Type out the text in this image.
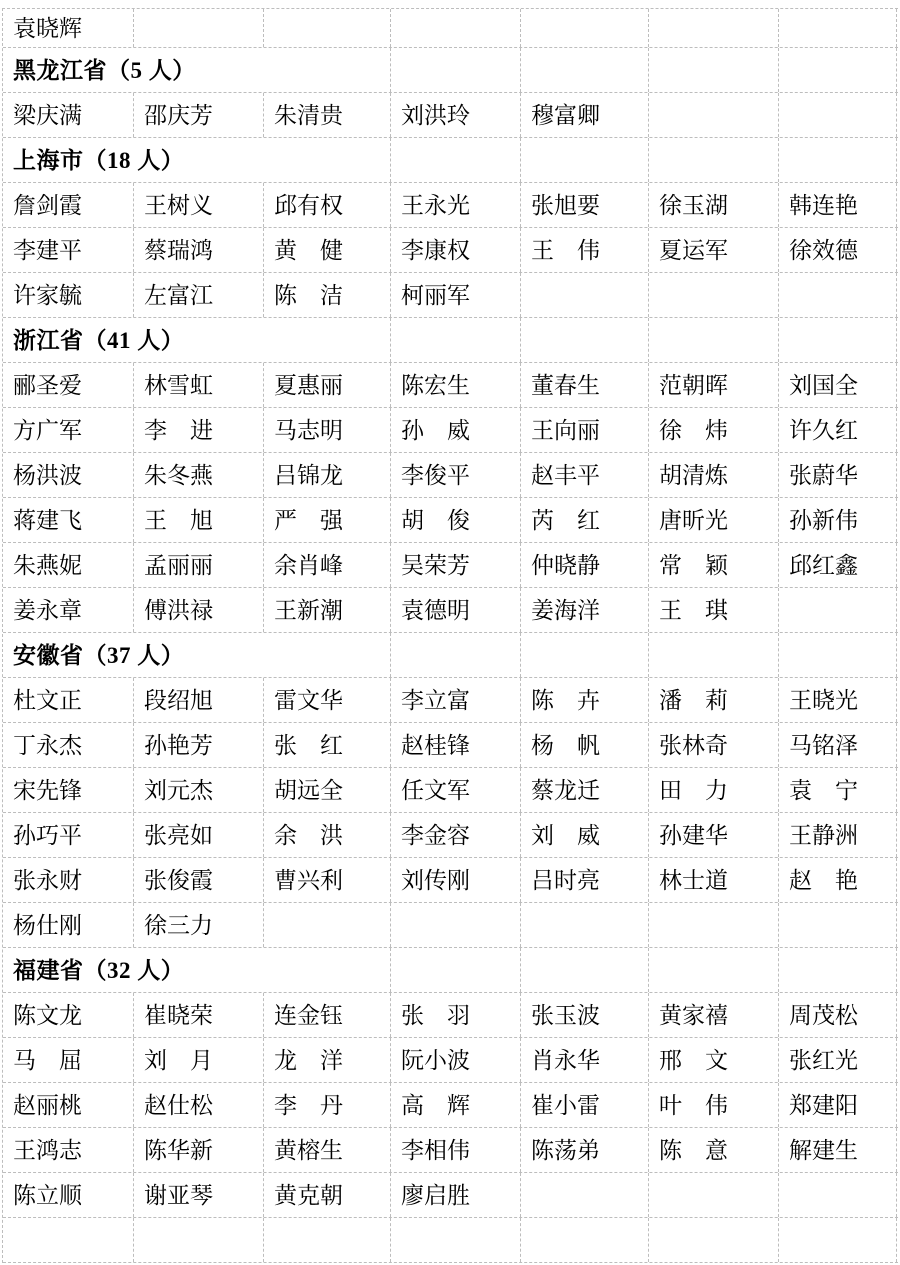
袁晓辉
黑龙江省（5 人）
梁庆满	邵庆芳	朱清贵	刘洪玲	穆富卿
上海市（18 人）
詹剑霞	王树义	邱有权	王永光	张旭要	徐玉湖	韩连艳
李建平	蔡瑞鸿	黄　健	李康权	王　伟	夏运军	徐效德
许家毓	左富江	陈　洁	柯丽军
浙江省（41 人）
郦圣爱	林雪虹	夏惠丽	陈宏生	董春生	范朝晖	刘国全
方广军	李　进	马志明	孙　威	王向丽	徐　炜	许久红
杨洪波	朱冬燕	吕锦龙	李俊平	赵丰平	胡清炼	张蔚华
蒋建飞	王　旭	严　强	胡　俊	芮　红	唐昕光	孙新伟
朱燕妮	孟丽丽	余肖峰	吴荣芳	仲晓静	常　颖	邱红鑫
姜永章	傅洪禄	王新潮	袁德明	姜海洋	王　琪
安徽省（37 人）
杜文正	段绍旭	雷文华	李立富	陈　卉	潘　莉	王晓光
丁永杰	孙艳芳	张　红	赵桂锋	杨　帆	张林奇	马铭泽
宋先锋	刘元杰	胡远全	任文军	蔡龙迁	田　力	袁　宁
孙巧平	张亮如	余　洪	李金容	刘　威	孙建华	王静洲
张永财	张俊霞	曹兴利	刘传刚	吕时亮	林士道	赵　艳
杨仕刚	徐三力
福建省（32 人）
陈文龙	崔晓荣	连金钰	张　羽	张玉波	黄家禧	周茂松
马　屈	刘　月	龙　洋	阮小波	肖永华	邢　文	张红光
赵丽桃	赵仕松	李　丹	高　辉	崔小雷	叶　伟	郑建阳
王鸿志	陈华新	黄榕生	李相伟	陈荡弟	陈　意	解建生
陈立顺	谢亚琴	黄克朝	廖启胜
